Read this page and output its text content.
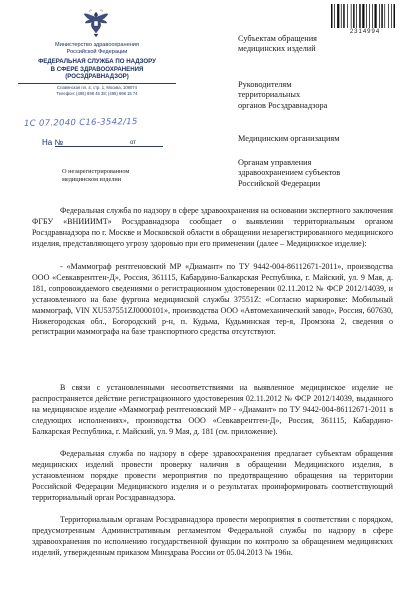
2314994
Министерство здравоохранения
Российской Федерации
ФЕДЕРАЛЬНАЯ СЛУЖБА ПО НАДЗОРУ
В СФЕРЕ ЗДРАВООХРАНЕНИЯ
(РОСЗДРАВНАДЗОР)
Славянская пл. 4, стр. 1, Москва, 109074
Телефон: (495) 698 45 38; (495) 698 15 74
1С 07.2040 С16-3542/15
На №	от
О незарегистрированном
медицинском изделии
Субъектам обращения
медицинских изделий
Руководителям
территориальных
органов Росздравнадзора
Медицинским организациям
Органам управления
здравоохранением субъектов
Российской Федерации

Федеральная служба по надзору в сфере здравоохранения на основании экспертного заключения ФГБУ «ВНИИИМТ» Росздравнадзора сообщает о выявлении территориальным органом Росздравнадзора по г. Москве и Московской области в обращении незарегистрированного медицинского изделия, представляющего угрозу здоровью при его применении (далее – Медицинское изделие):

- «Маммограф рентгеновский МР «Диамант» по ТУ 9442-004-86112671-2011», производства ООО «Севкаврентген-Д», Россия, 361115, Кабардино-Балкарская Республика, г. Майский, ул. 9 Мая, д. 181, сопровождаемого сведениями о регистрационном удостоверении 02.11.2012 № ФСР 2012/14039, и установленного на базе фургона медицинской службы 37551Z: «Согласно маркировке: Мобильный маммограф, VIN XU537551ZJ0000101», производства ООО «Автомеханический завод», Россия, 607630, Нижегородская обл., Богородский р-н, п. Кудьма, Кудьминская тер-я, Промзона 2, сведения о регистрации маммографа на базе транспортного средства отсутствуют.

В связи с установленными несоответствиями на выявленное медицинское изделие не распространяется действие регистрационного удостоверения 02.11.2012 № ФСР 2012/14039, выданного на медицинское изделие «Маммограф рентгеновский МР - «Диамант» по ТУ 9442-004-86112671-2011 в следующих исполнениях», производства ООО «Севкаврентген-Д», Россия, 361115, Кабардино-Балкарская Республика, г. Майский, ул. 9 Мая, д. 181 (см. приложение).

Федеральная служба по надзору в сфере здравоохранения предлагает субъектам обращения медицинских изделий провести проверку наличия в обращении Медицинского изделия, в установленном порядке провести мероприятия по предотвращению обращения на территории Российской Федерации Медицинского изделия и о результатах проинформировать соответствующий территориальный орган Росздравнадзора.

Территориальным органам Росздравнадзора провести мероприятия в соответствии с порядком, предусмотренным Административным регламентом Федеральной службы по надзору в сфере здравоохранения по исполнению государственной функции по контролю за обращением медицинских изделий, утвержденным приказом Минздрава России от 05.04.2013 № 196н.
